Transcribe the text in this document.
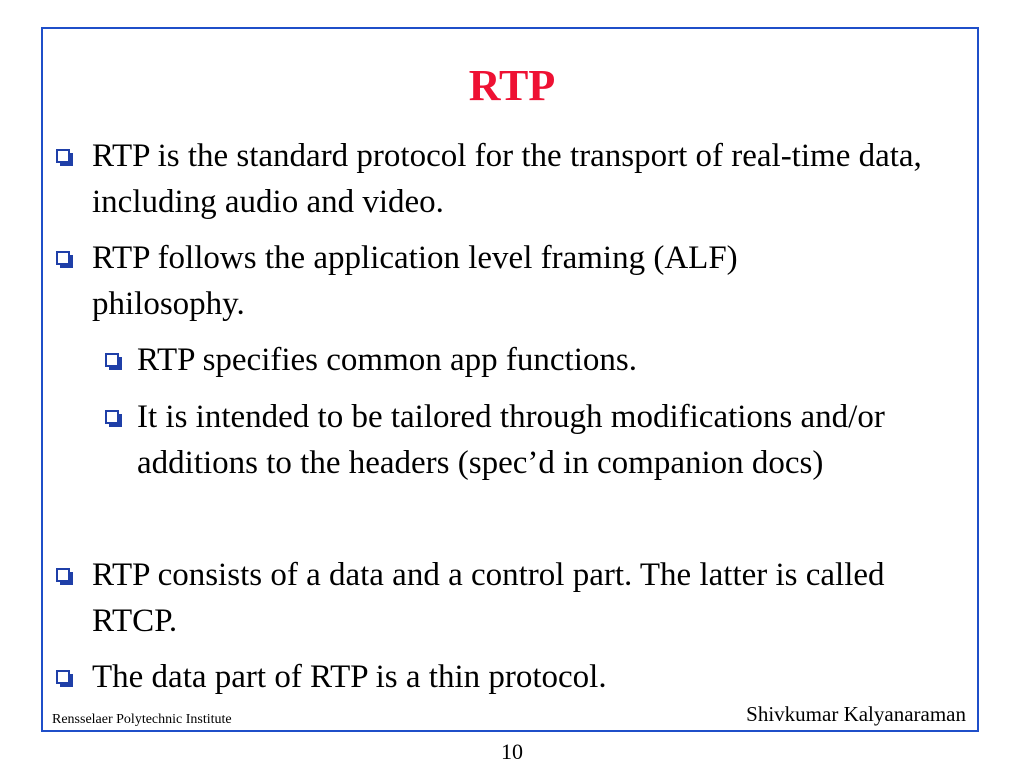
RTP
RTP is the standard protocol for the transport of real-time data, including audio and video.
RTP follows the application level framing (ALF) philosophy.
RTP specifies common app functions.
It is intended to be tailored through modifications and/or additions to the headers (spec’d in companion docs)
RTP consists of a data and a control part. The latter is called RTCP.
The data part of RTP is a thin protocol.
Rensselaer Polytechnic Institute	Shivkumar Kalyanaraman
10
